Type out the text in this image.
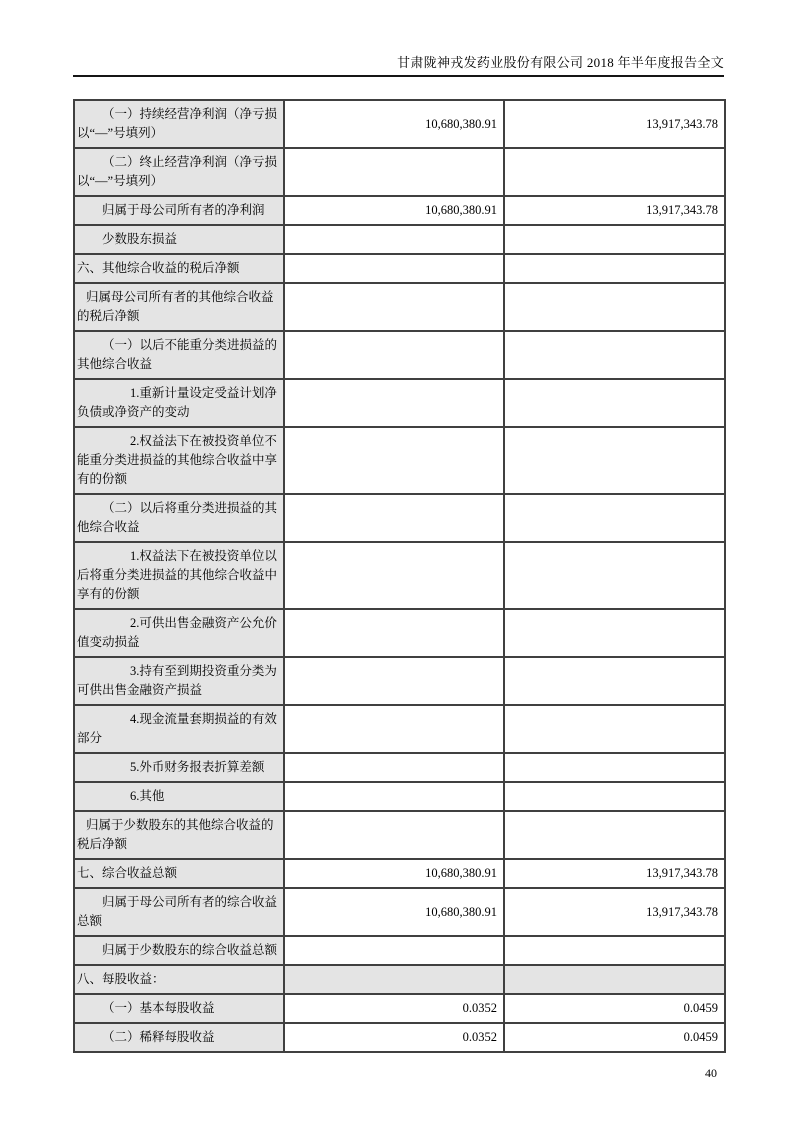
甘肃陇神戎发药业股份有限公司 2018 年半年度报告全文
（一）持续经营净利润（净亏损以“—”号填列）	10,680,380.91	13,917,343.78
（二）终止经营净利润（净亏损以“—”号填列）		
归属于母公司所有者的净利润	10,680,380.91	13,917,343.78
少数股东损益		
六、其他综合收益的税后净额		
归属母公司所有者的其他综合收益的税后净额		
（一）以后不能重分类进损益的其他综合收益		
1.重新计量设定受益计划净负债或净资产的变动		
2.权益法下在被投资单位不能重分类进损益的其他综合收益中享有的份额		
（二）以后将重分类进损益的其他综合收益		
1.权益法下在被投资单位以后将重分类进损益的其他综合收益中享有的份额		
2.可供出售金融资产公允价值变动损益		
3.持有至到期投资重分类为可供出售金融资产损益		
4.现金流量套期损益的有效部分		
5.外币财务报表折算差额		
6.其他		
归属于少数股东的其他综合收益的税后净额		
七、综合收益总额	10,680,380.91	13,917,343.78
归属于母公司所有者的综合收益总额	10,680,380.91	13,917,343.78
归属于少数股东的综合收益总额		
八、每股收益：		
（一）基本每股收益	0.0352	0.0459
（二）稀释每股收益	0.0352	0.0459
40
